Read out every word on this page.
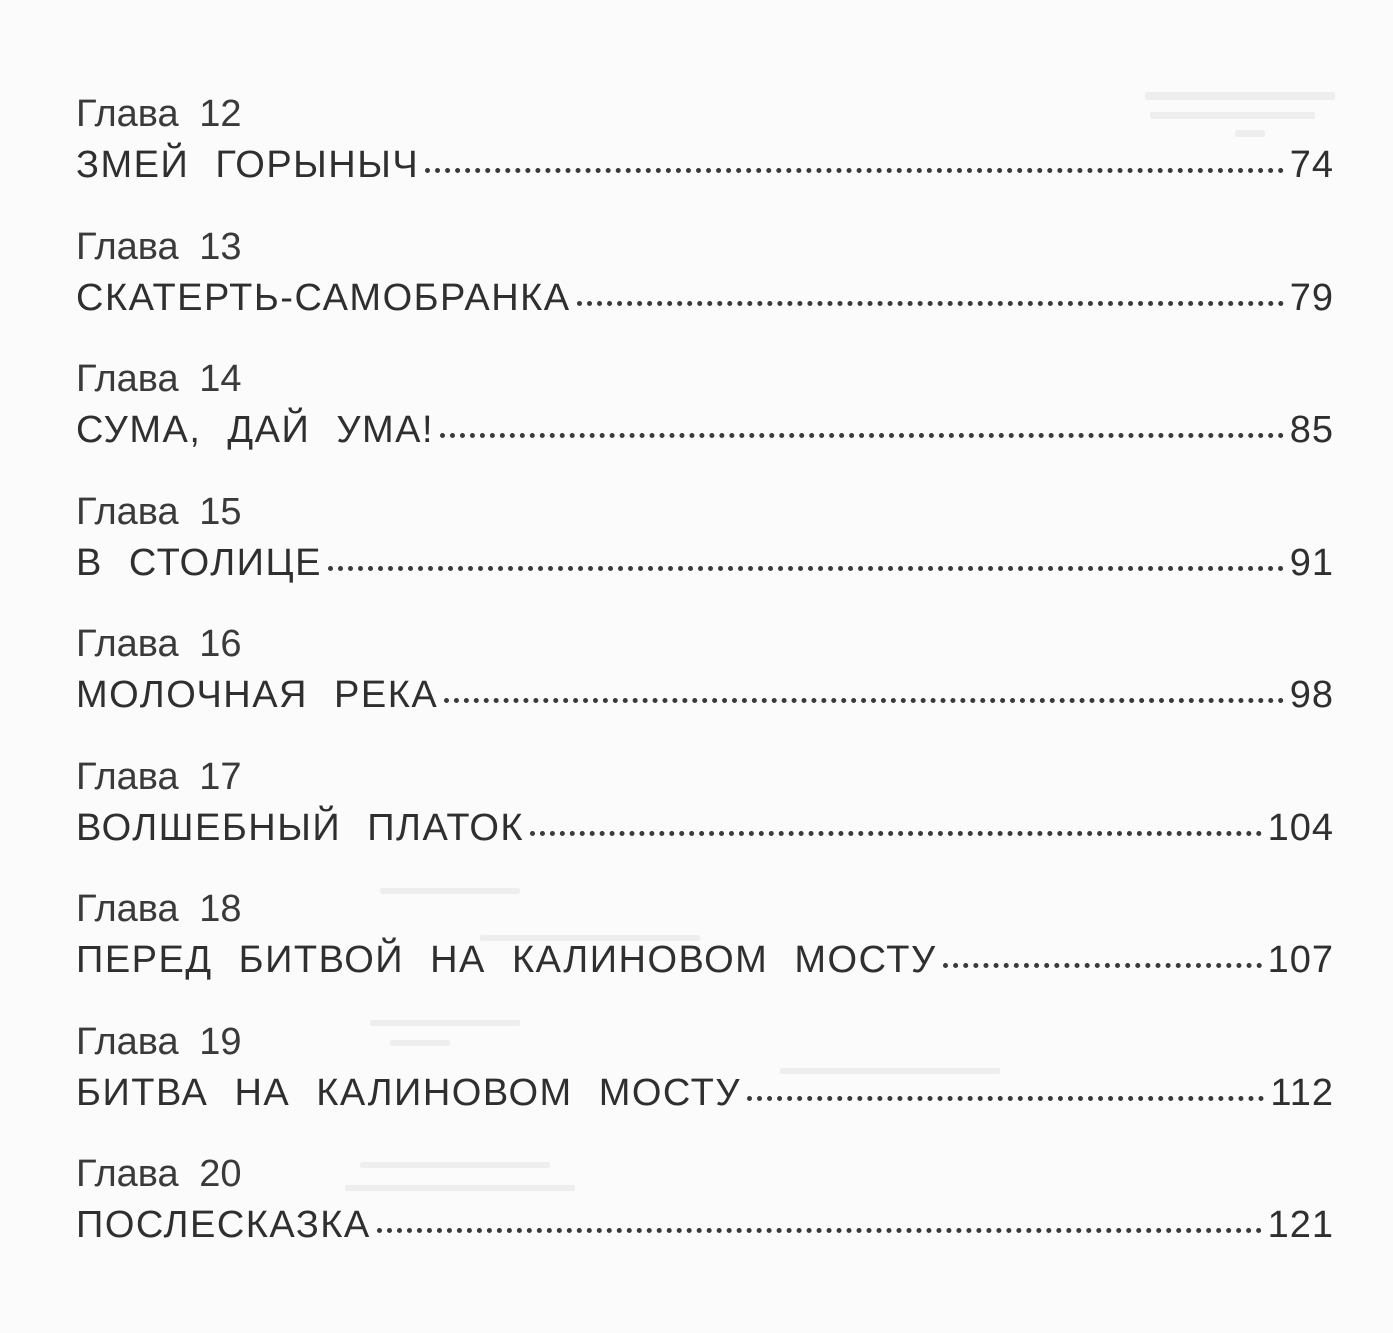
Глава 12
ЗМЕЙ ГОРЫНЫЧ	74
Глава 13
СКАТЕРТЬ-САМОБРАНКА	79
Глава 14
СУМА, ДАЙ УМА!	85
Глава 15
В СТОЛИЦЕ	91
Глава 16
МОЛОЧНАЯ РЕКА	98
Глава 17
ВОЛШЕБНЫЙ ПЛАТОК	104
Глава 18
ПЕРЕД БИТВОЙ НА КАЛИНОВОМ МОСТУ	107
Глава 19
БИТВА НА КАЛИНОВОМ МОСТУ	112
Глава 20
ПОСЛЕСКАЗКА	121
